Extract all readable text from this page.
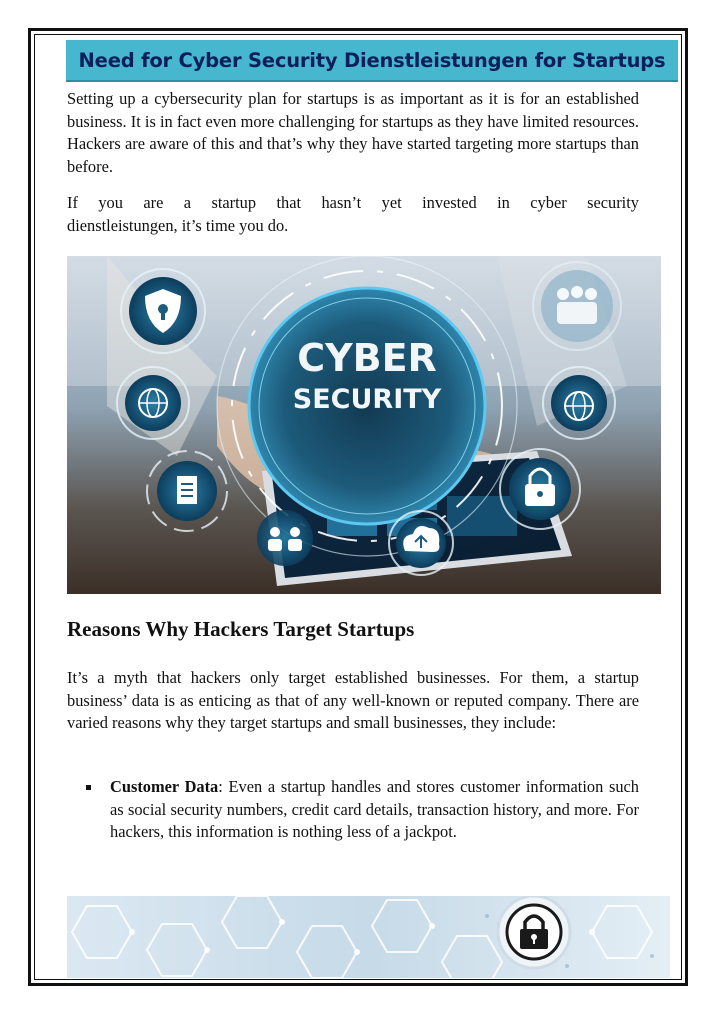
Need for Cyber Security Dienstleistungen for Startups

Setting up a cybersecurity plan for startups is as important as it is for an established business. It is in fact even more challenging for startups as they have limited resources. Hackers are aware of this and that’s why they have started targeting more startups than before.

If you are a startup that hasn’t yet invested in cyber security
dienstleistungen, it’s time you do.

CYBER
SECURITY
Reasons Why Hackers Target Startups

It’s a myth that hackers only target established businesses. For them, a startup business’ data is as enticing as that of any well-known or reputed company. There are varied reasons why they target startups and small businesses, they include:

Customer Data: Even a startup handles and stores customer information such as social security numbers, credit card details, transaction history, and more. For hackers, this information is nothing less of a jackpot.
